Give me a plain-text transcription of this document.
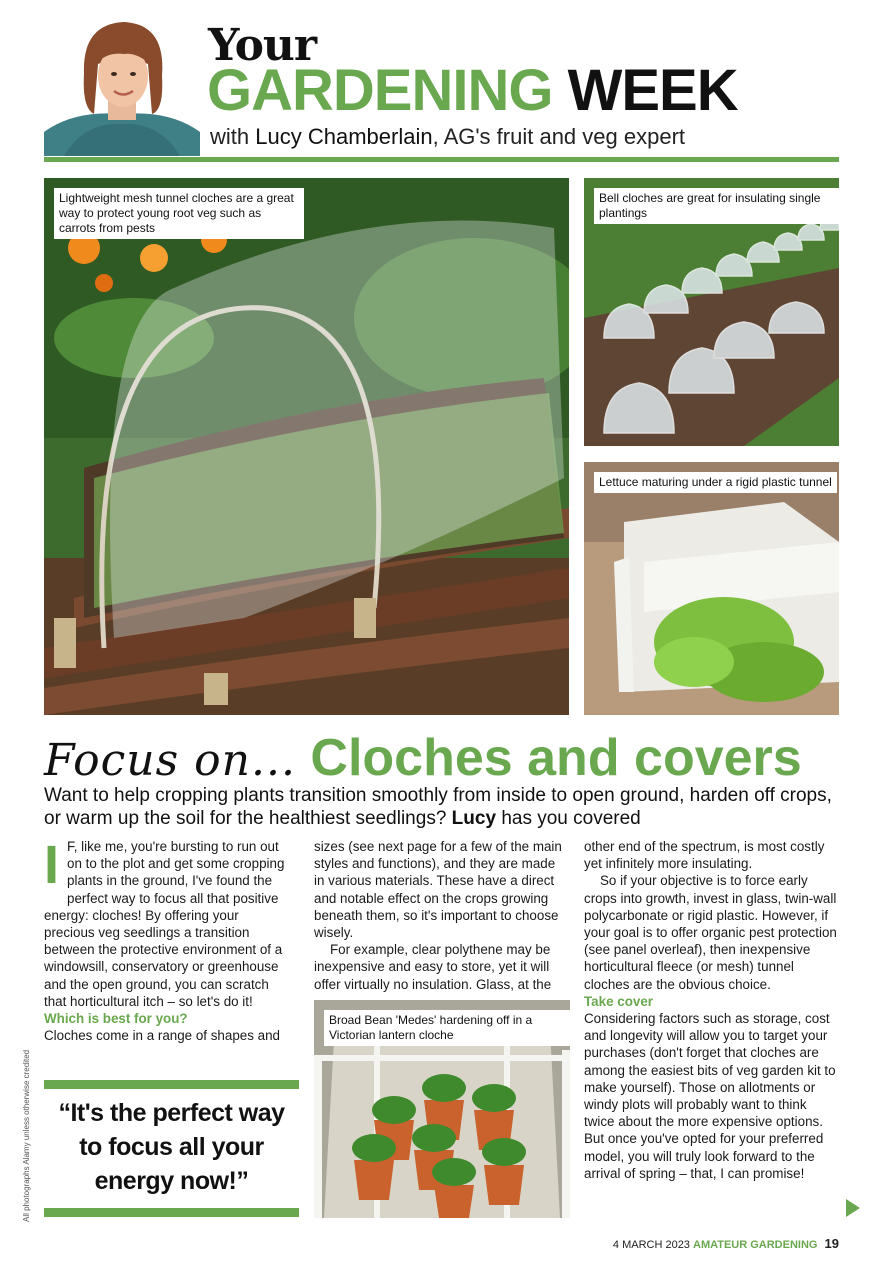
Your
GARDENING WEEK
with Lucy Chamberlain, AG's fruit and veg expert
Lightweight mesh tunnel cloches are a great way to protect young root veg such as carrots from pests
Bell cloches are great for insulating single plantings
Lettuce maturing under a rigid plastic tunnel
Focus on... Cloches and covers
Want to help cropping plants transition smoothly from inside to open ground, harden off crops, or warm up the soil for the healthiest seedlings? Lucy has you covered
I F, like me, you're bursting to run out on to the plot and get some cropping plants in the ground, I've found the perfect way to focus all that positive energy: cloches! By offering your precious veg seedlings a transition between the protective environment of a windowsill, conservatory or greenhouse and the open ground, you can scratch that horticultural itch – so let's do it!

Which is best for you?

Cloches come in a range of shapes and

“It's the perfect way to focus all your energy now!”

sizes (see next page for a few of the main styles and functions), and they are made in various materials. These have a direct and notable effect on the crops growing beneath them, so it's important to choose wisely.

For example, clear polythene may be inexpensive and easy to store, yet it will offer virtually no insulation. Glass, at the

Broad Bean 'Medes' hardening off in a Victorian lantern cloche

other end of the spectrum, is most costly yet infinitely more insulating.

So if your objective is to force early crops into growth, invest in glass, twin-wall polycarbonate or rigid plastic. However, if your goal is to offer organic pest protection (see panel overleaf), then inexpensive horticultural fleece (or mesh) tunnel cloches are the obvious choice.

Take cover

Considering factors such as storage, cost and longevity will allow you to target your purchases (don't forget that cloches are among the easiest bits of veg garden kit to make yourself). Those on allotments or windy plots will probably want to think twice about the more expensive options. But once you've opted for your preferred model, you will truly look forward to the arrival of spring – that, I can promise!

All photographs Alamy unless otherwise credited
4 MARCH 2023 AMATEUR GARDENING 19
